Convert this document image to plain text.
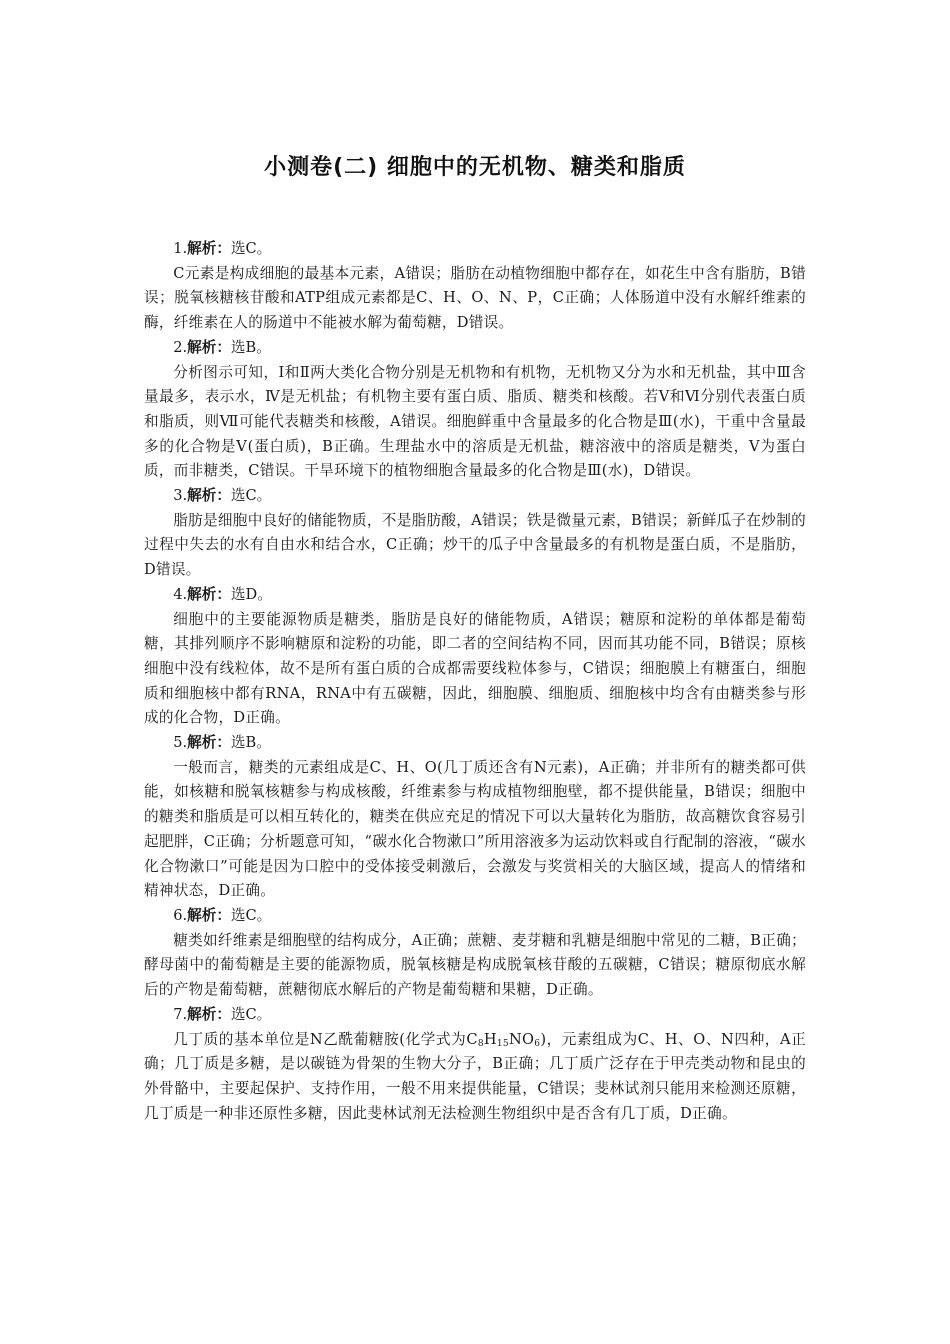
小测卷(二) 细胞中的无机物、糖类和脂质

1.解析：选C。

C元素是构成细胞的最基本元素，A错误；脂肪在动植物细胞中都存在，如花生中含有脂肪，B错误；脱氧核糖核苷酸和ATP组成元素都是C、H、O、N、P，C正确；人体肠道中没有水解纤维素的酶，纤维素在人的肠道中不能被水解为葡萄糖，D错误。

2.解析：选B。

分析图示可知，Ⅰ和Ⅱ两大类化合物分别是无机物和有机物，无机物又分为水和无机盐，其中Ⅲ含量最多，表示水，Ⅳ是无机盐；有机物主要有蛋白质、脂质、糖类和核酸。若Ⅴ和Ⅵ分别代表蛋白质和脂质，则Ⅶ可能代表糖类和核酸，A错误。细胞鲜重中含量最多的化合物是Ⅲ(水)，干重中含量最多的化合物是Ⅴ(蛋白质)，B正确。生理盐水中的溶质是无机盐，糖溶液中的溶质是糖类，Ⅴ为蛋白质，而非糖类，C错误。干旱环境下的植物细胞含量最多的化合物是Ⅲ(水)，D错误。

3.解析：选C。

脂肪是细胞中良好的储能物质，不是脂肪酸，A错误；铁是微量元素，B错误；新鲜瓜子在炒制的过程中失去的水有自由水和结合水，C正确；炒干的瓜子中含量最多的有机物是蛋白质，不是脂肪，D错误。

4.解析：选D。

细胞中的主要能源物质是糖类，脂肪是良好的储能物质，A错误；糖原和淀粉的单体都是葡萄糖，其排列顺序不影响糖原和淀粉的功能，即二者的空间结构不同，因而其功能不同，B错误；原核细胞中没有线粒体，故不是所有蛋白质的合成都需要线粒体参与，C错误；细胞膜上有糖蛋白，细胞质和细胞核中都有RNA，RNA中有五碳糖，因此，细胞膜、细胞质、细胞核中均含有由糖类参与形成的化合物，D正确。

5.解析：选B。

一般而言，糖类的元素组成是C、H、O(几丁质还含有N元素)，A正确；并非所有的糖类都可供能，如核糖和脱氧核糖参与构成核酸，纤维素参与构成植物细胞壁，都不提供能量，B错误；细胞中的糖类和脂质是可以相互转化的，糖类在供应充足的情况下可以大量转化为脂肪，故高糖饮食容易引起肥胖，C正确；分析题意可知，“碳水化合物漱口”所用溶液多为运动饮料或自行配制的溶液，“碳水化合物漱口”可能是因为口腔中的受体接受刺激后，会激发与奖赏相关的大脑区域，提高人的情绪和精神状态，D正确。

6.解析：选C。

糖类如纤维素是细胞壁的结构成分，A正确；蔗糖、麦芽糖和乳糖是细胞中常见的二糖，B正确；酵母菌中的葡萄糖是主要的能源物质，脱氧核糖是构成脱氧核苷酸的五碳糖，C错误；糖原彻底水解后的产物是葡萄糖，蔗糖彻底水解后的产物是葡萄糖和果糖，D正确。

7.解析：选C。

几丁质的基本单位是N乙酰葡糖胺(化学式为$C_8H_{15}NO_6$)，元素组成为C、H、O、N四种，A正确；几丁质是多糖，是以碳链为骨架的生物大分子，B正确；几丁质广泛存在于甲壳类动物和昆虫的外骨骼中，主要起保护、支持作用，一般不用来提供能量，C错误；斐林试剂只能用来检测还原糖，几丁质是一种非还原性多糖，因此斐林试剂无法检测生物组织中是否含有几丁质，D正确。
